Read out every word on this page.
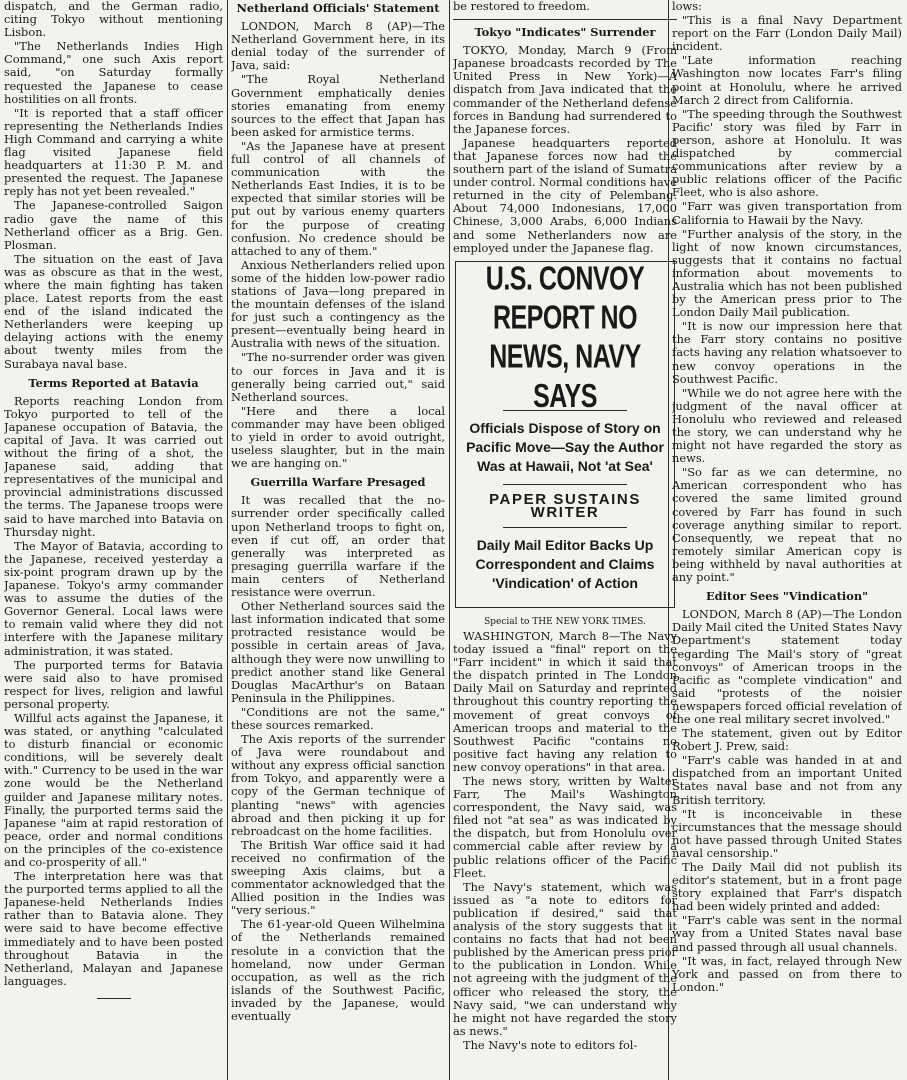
dispatch, and the German radio, citing Tokyo without mentioning Lisbon.

"The Netherlands Indies High Command," one such Axis report said, "on Saturday formally requested the Japanese to cease hostilities on all fronts.

"It is reported that a staff officer representing the Netherlands Indies High Command and carrying a white flag visited Japanese field headquarters at 11:30 P. M. and presented the request. The Japanese reply has not yet been revealed."

The Japanese-controlled Saigon radio gave the name of this Netherland officer as a Brig. Gen. Plosman.

The situation on the east of Java was as obscure as that in the west, where the main fighting has taken place. Latest reports from the east end of the island indicated the Netherlanders were keeping up delaying actions with the enemy about twenty miles from the Surabaya naval base.

Terms Reported at Batavia

Reports reaching London from Tokyo purported to tell of the Japanese occupation of Batavia, the capital of Java. It was carried out without the firing of a shot, the Japanese said, adding that representatives of the municipal and provincial administrations discussed the terms. The Japanese troops were said to have marched into Batavia on Thursday night.

The Mayor of Batavia, according to the Japanese, received yesterday a six-point program drawn up by the Japanese. Tokyo's army commander was to assume the duties of the Governor General. Local laws were to remain valid where they did not interfere with the Japanese military administration, it was stated.

The purported terms for Batavia were said also to have promised respect for lives, religion and lawful personal property.

Willful acts against the Japanese, it was stated, or anything "calculated to disturb financial or economic conditions, will be severely dealt with." Currency to be used in the war zone would be the Netherland guilder and Japanese military notes. Finally, the purported terms said the Japanese "aim at rapid restoration of peace, order and normal conditions on the principles of the co-existence and co-prosperity of all."

The interpretation here was that the purported terms applied to all the Japanese-held Netherlands Indies rather than to Batavia alone. They were said to have become effective immediately and to have been posted throughout Batavia in the Netherland, Malayan and Japanese languages.

Netherland Officials' Statement

LONDON, March 8 (AP)—The Netherland Government here, in its denial today of the surrender of Java, said:

"The Royal Netherland Government emphatically denies stories emanating from enemy sources to the effect that Japan has been asked for armistice terms.

"As the Japanese have at present full control of all channels of communication with the Netherlands East Indies, it is to be expected that similar stories will be put out by various enemy quarters for the purpose of creating confusion. No credence should be attached to any of them."

Anxious Netherlanders relied upon some of the hidden low-power radio stations of Java—long prepared in the mountain defenses of the island for just such a contingency as the present—eventually being heard in Australia with news of the situation.

"The no-surrender order was given to our forces in Java and it is generally being carried out," said Netherland sources.

"Here and there a local commander may have been obliged to yield in order to avoid outright, useless slaughter, but in the main we are hanging on."

Guerrilla Warfare Presaged

It was recalled that the no-surrender order specifically called upon Netherland troops to fight on, even if cut off, an order that generally was interpreted as presaging guerrilla warfare if the main centers of Netherland resistance were overrun.

Other Netherland sources said the last information indicated that some protracted resistance would be possible in certain areas of Java, although they were now unwilling to predict another stand like General Douglas MacArthur's on Bataan Peninsula in the Philippines.

"Conditions are not the same," these sources remarked.

The Axis reports of the surrender of Java were roundabout and without any express official sanction from Tokyo, and apparently were a copy of the German technique of planting "news" with agencies abroad and then picking it up for rebroadcast on the home facilities.

The British War office said it had received no confirmation of the sweeping Axis claims, but a commentator acknowledged that the Allied position in the Indies was "very serious."

The 61-year-old Queen Wilhelmina of the Netherlands remained resolute in a conviction that the homeland, now under German occupation, as well as the rich islands of the Southwest Pacific, invaded by the Japanese, would eventually

be restored to freedom.

Tokyo "Indicates" Surrender

TOKYO, Monday, March 9 (From Japanese broadcasts recorded by The United Press in New York)—A dispatch from Java indicated that the commander of the Netherland defense forces in Bandung had surrendered to the Japanese forces.

Japanese headquarters reported that Japanese forces now had the southern part of the island of Sumatra under control. Normal conditions have returned in the city of Pelembang. About 74,000 Indonesians, 17,000 Chinese, 3,000 Arabs, 6,000 Indians and some Netherlanders now are employed under the Japanese flag.

U.S. CONVOY REPORT NO NEWS, NAVY SAYS
Officials Dispose of Story on Pacific Move—Say the Author Was at Hawaii, Not 'at Sea'
PAPER SUSTAINS WRITER
Daily Mail Editor Backs Up Correspondent and Claims 'Vindication' of Action

Special to THE NEW YORK TIMES.

WASHINGTON, March 8—The Navy today issued a "final" report on the "Farr incident" in which it said that the dispatch printed in The London Daily Mail on Saturday and reprinted throughout this country reporting the movement of great convoys of American troops and material to the Southwest Pacific "contains no positive fact having any relation to new convoy operations" in that area.

The news story, written by Walter Farr, The Mail's Washington correspondent, the Navy said, was filed not "at sea" as was indicated by the dispatch, but from Honolulu over commercial cable after review by a public relations officer of the Pacific Fleet.

The Navy's statement, which was issued as "a note to editors for publication if desired," said that analysis of the story suggests that it contains no facts that had not been published by the American press prior to the publication in London. While not agreeing with the judgment of the officer who released the story, the Navy said, "we can understand why he might not have regarded the story as news."

The Navy's note to editors fol-

lows:

"This is a final Navy Department report on the Farr (London Daily Mail) incident.

"Late information reaching Washington now locates Farr's filing point at Honolulu, where he arrived March 2 direct from California.

"The speeding through the Southwest Pacific' story was filed by Farr in person, ashore at Honolulu. It was dispatched by commercial communications after review by a public relations officer of the Pacific Fleet, who is also ashore.

"Farr was given transportation from California to Hawaii by the Navy.

"Further analysis of the story, in the light of now known circumstances, suggests that it contains no factual information about movements to Australia which has not been published by the American press prior to The London Daily Mail publication.

"It is now our impression here that the Farr story contains no positive facts having any relation whatsoever to new convoy operations in the Southwest Pacific.

"While we do not agree here with the judgment of the naval officer at Honolulu who reviewed and released the story, we can understand why he might not have regarded the story as news.

"So far as we can determine, no American correspondent who has covered the same limited ground covered by Farr has found in such coverage anything similar to report. Consequently, we repeat that no remotely similar American copy is being withheld by naval authorities at any point."

Editor Sees "Vindication"

LONDON, March 8 (AP)—The London Daily Mail cited the United States Navy Department's statement today regarding The Mail's story of "great convoys" of American troops in the Pacific as "complete vindication" and said "protests of the noisier newspapers forced official revelation of the one real military secret involved."

The statement, given out by Editor Robert J. Prew, said:

"Farr's cable was handed in at and dispatched from an important United States naval base and not from any British territory.

"It is inconceivable in these circumstances that the message should not have passed through United States naval censorship."

The Daily Mail did not publish its editor's statement, but in a front page story explained that Farr's dispatch had been widely printed and added:

"Farr's cable was sent in the normal way from a United States naval base and passed through all usual channels.

"It was, in fact, relayed through New York and passed on from there to London."
